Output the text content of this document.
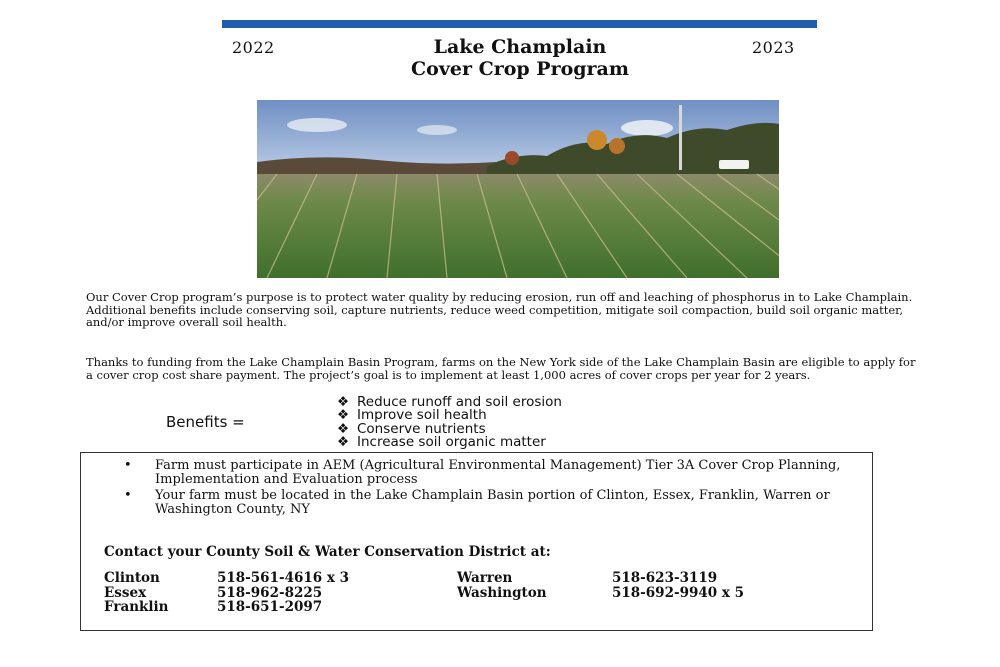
2022	2023
Lake Champlain
Cover Crop Program
Our Cover Crop program’s purpose is to protect water quality by reducing erosion, run off and leaching of phosphorus in to Lake Champlain. Additional benefits include conserving soil, capture nutrients, reduce weed competition, mitigate soil compaction, build soil organic matter, and/or improve overall soil health.
Thanks to funding from the Lake Champlain Basin Program, farms on the New York side of the Lake Champlain Basin are eligible to apply for a cover crop cost share payment. The project’s goal is to implement at least 1,000 acres of cover crops per year for 2 years.
Benefits =
❖ Reduce runoff and soil erosion
❖ Improve soil health
❖ Conserve nutrients
❖ Increase soil organic matter
• Farm must participate in AEM (Agricultural Environmental Management) Tier 3A Cover Crop Planning, Implementation and Evaluation process
• Your farm must be located in the Lake Champlain Basin portion of Clinton, Essex, Franklin, Warren or Washington County, NY
Contact your County Soil & Water Conservation District at:
Clinton	518-561-4616 x 3
Essex	518-962-8225
Franklin	518-651-2097
Warren	518-623-3119
Washington	518-692-9940 x 5
